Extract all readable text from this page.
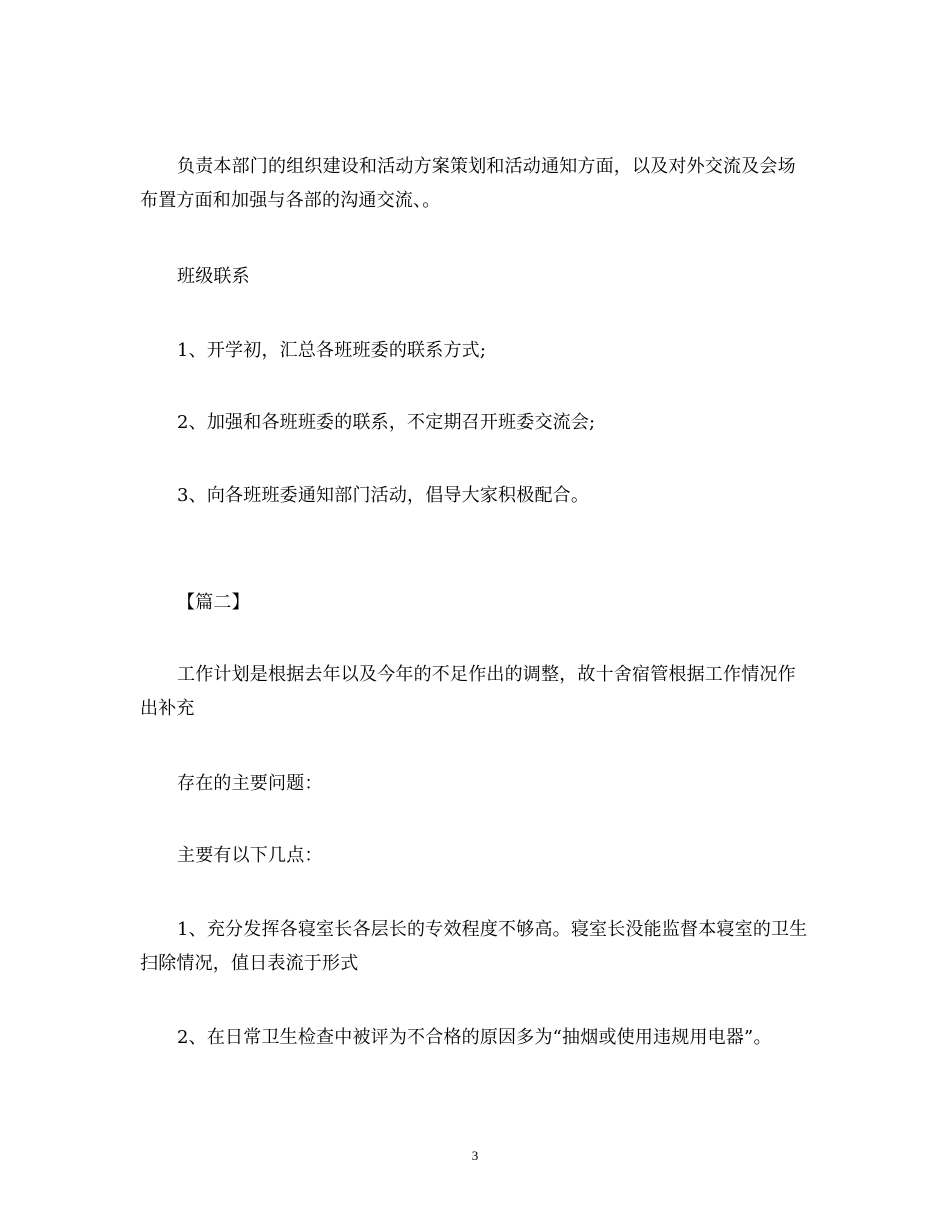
负责本部门的组织建设和活动方案策划和活动通知方面，以及对外交流及会场布置方面和加强与各部的沟通交流、。

班级联系

1、开学初，汇总各班班委的联系方式;

2、加强和各班班委的联系，不定期召开班委交流会;

3、向各班班委通知部门活动，倡导大家积极配合。

【篇二】

工作计划是根据去年以及今年的不足作出的调整，故十舍宿管根据工作情况作出补充

存在的主要问题：

主要有以下几点：

1、充分发挥各寝室长各层长的专效程度不够高。寝室长没能监督本寝室的卫生扫除情况，值日表流于形式

2、在日常卫生检查中被评为不合格的原因多为“抽烟或使用违规用电器”。

3
